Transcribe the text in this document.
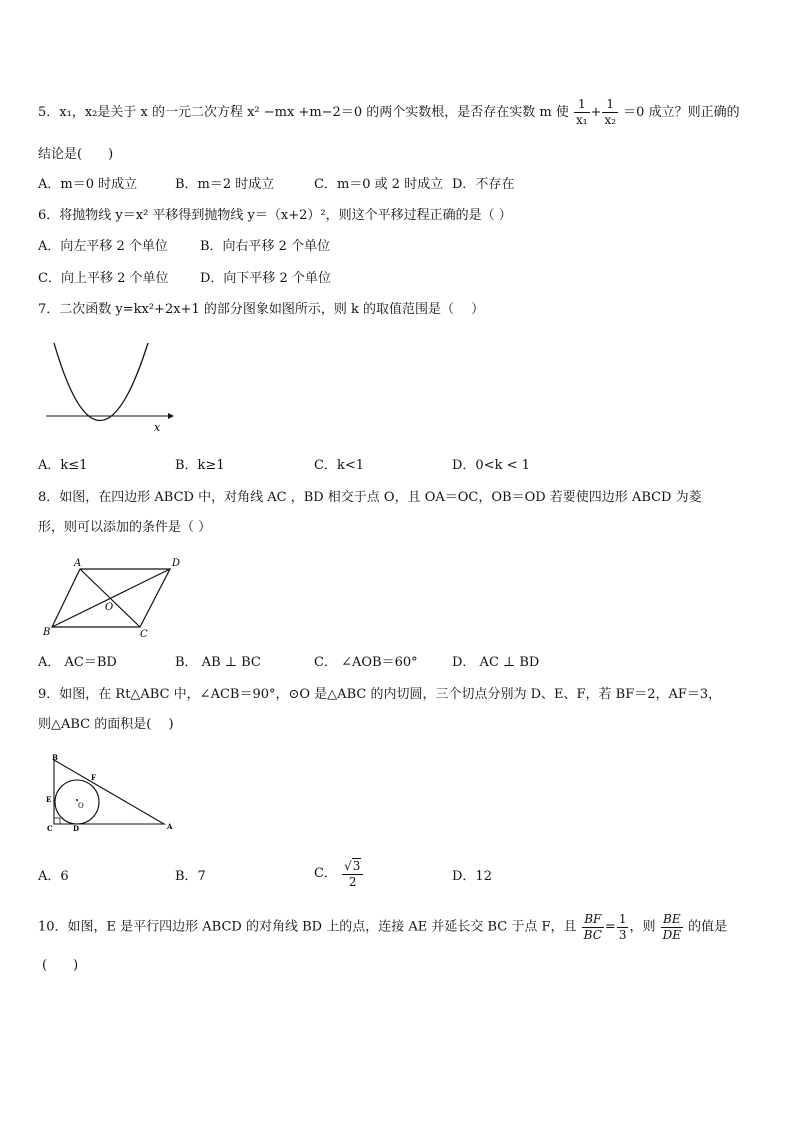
5．x₁，x₂是关于 x 的一元二次方程 x² −mx +m−2＝0 的两个实数根，是否存在实数 m 使 $\frac{1}{\text{x₁}} + \frac{1}{\text{x₂}} =0$ 成立？则正确的
结论是(　　)
A．m＝0 时成立	B．m＝2 时成立	C．m＝0 或 2 时成立 D．不存在
6．将抛物线 y＝x² 平移得到抛物线 y＝（x+2）²，则这个平移过程正确的是（ ）
A．向左平移 2 个单位 B．向右平移 2 个单位
C．向上平移 2 个单位 D．向下平移 2 个单位
7．二次函数 y=kx²+2x+1 的部分图象如图所示，则 k 的取值范围是（　 ）
x
A．k≤1	B．k≥1	C．k<1	D．0<k < 1
8．如图，在四边形 ABCD 中，对角线 AC ，BD 相交于点 O，且 OA＝OC，OB＝OD 若要使四边形 ABCD 为菱
形，则可以添加的条件是（ ）
A	D
B	C
O
A． AC＝BD	B． AB ⊥ BC	C． ∠AOB＝60°	D． AC ⊥ BD
9．如图，在 Rt△ABC 中，∠ACB＝90°，⊙O 是△ABC 的内切圆，三个切点分别为 D、E、F，若 BF＝2，AF＝3，
则△ABC 的面积是(　 )
B
F
E
O
C	D	A
A．6	B．7	C． $\frac{√3}{2}$	D．12
10．如图，E 是平行四边形 ABCD 的对角线 BD 上的点，连接 AE 并延长交 BC 于点 F，且 $\frac{BF}{BC} = \frac{1}{3}$ ，则 $\frac{BE}{DE}$ 的值是
(　　)
